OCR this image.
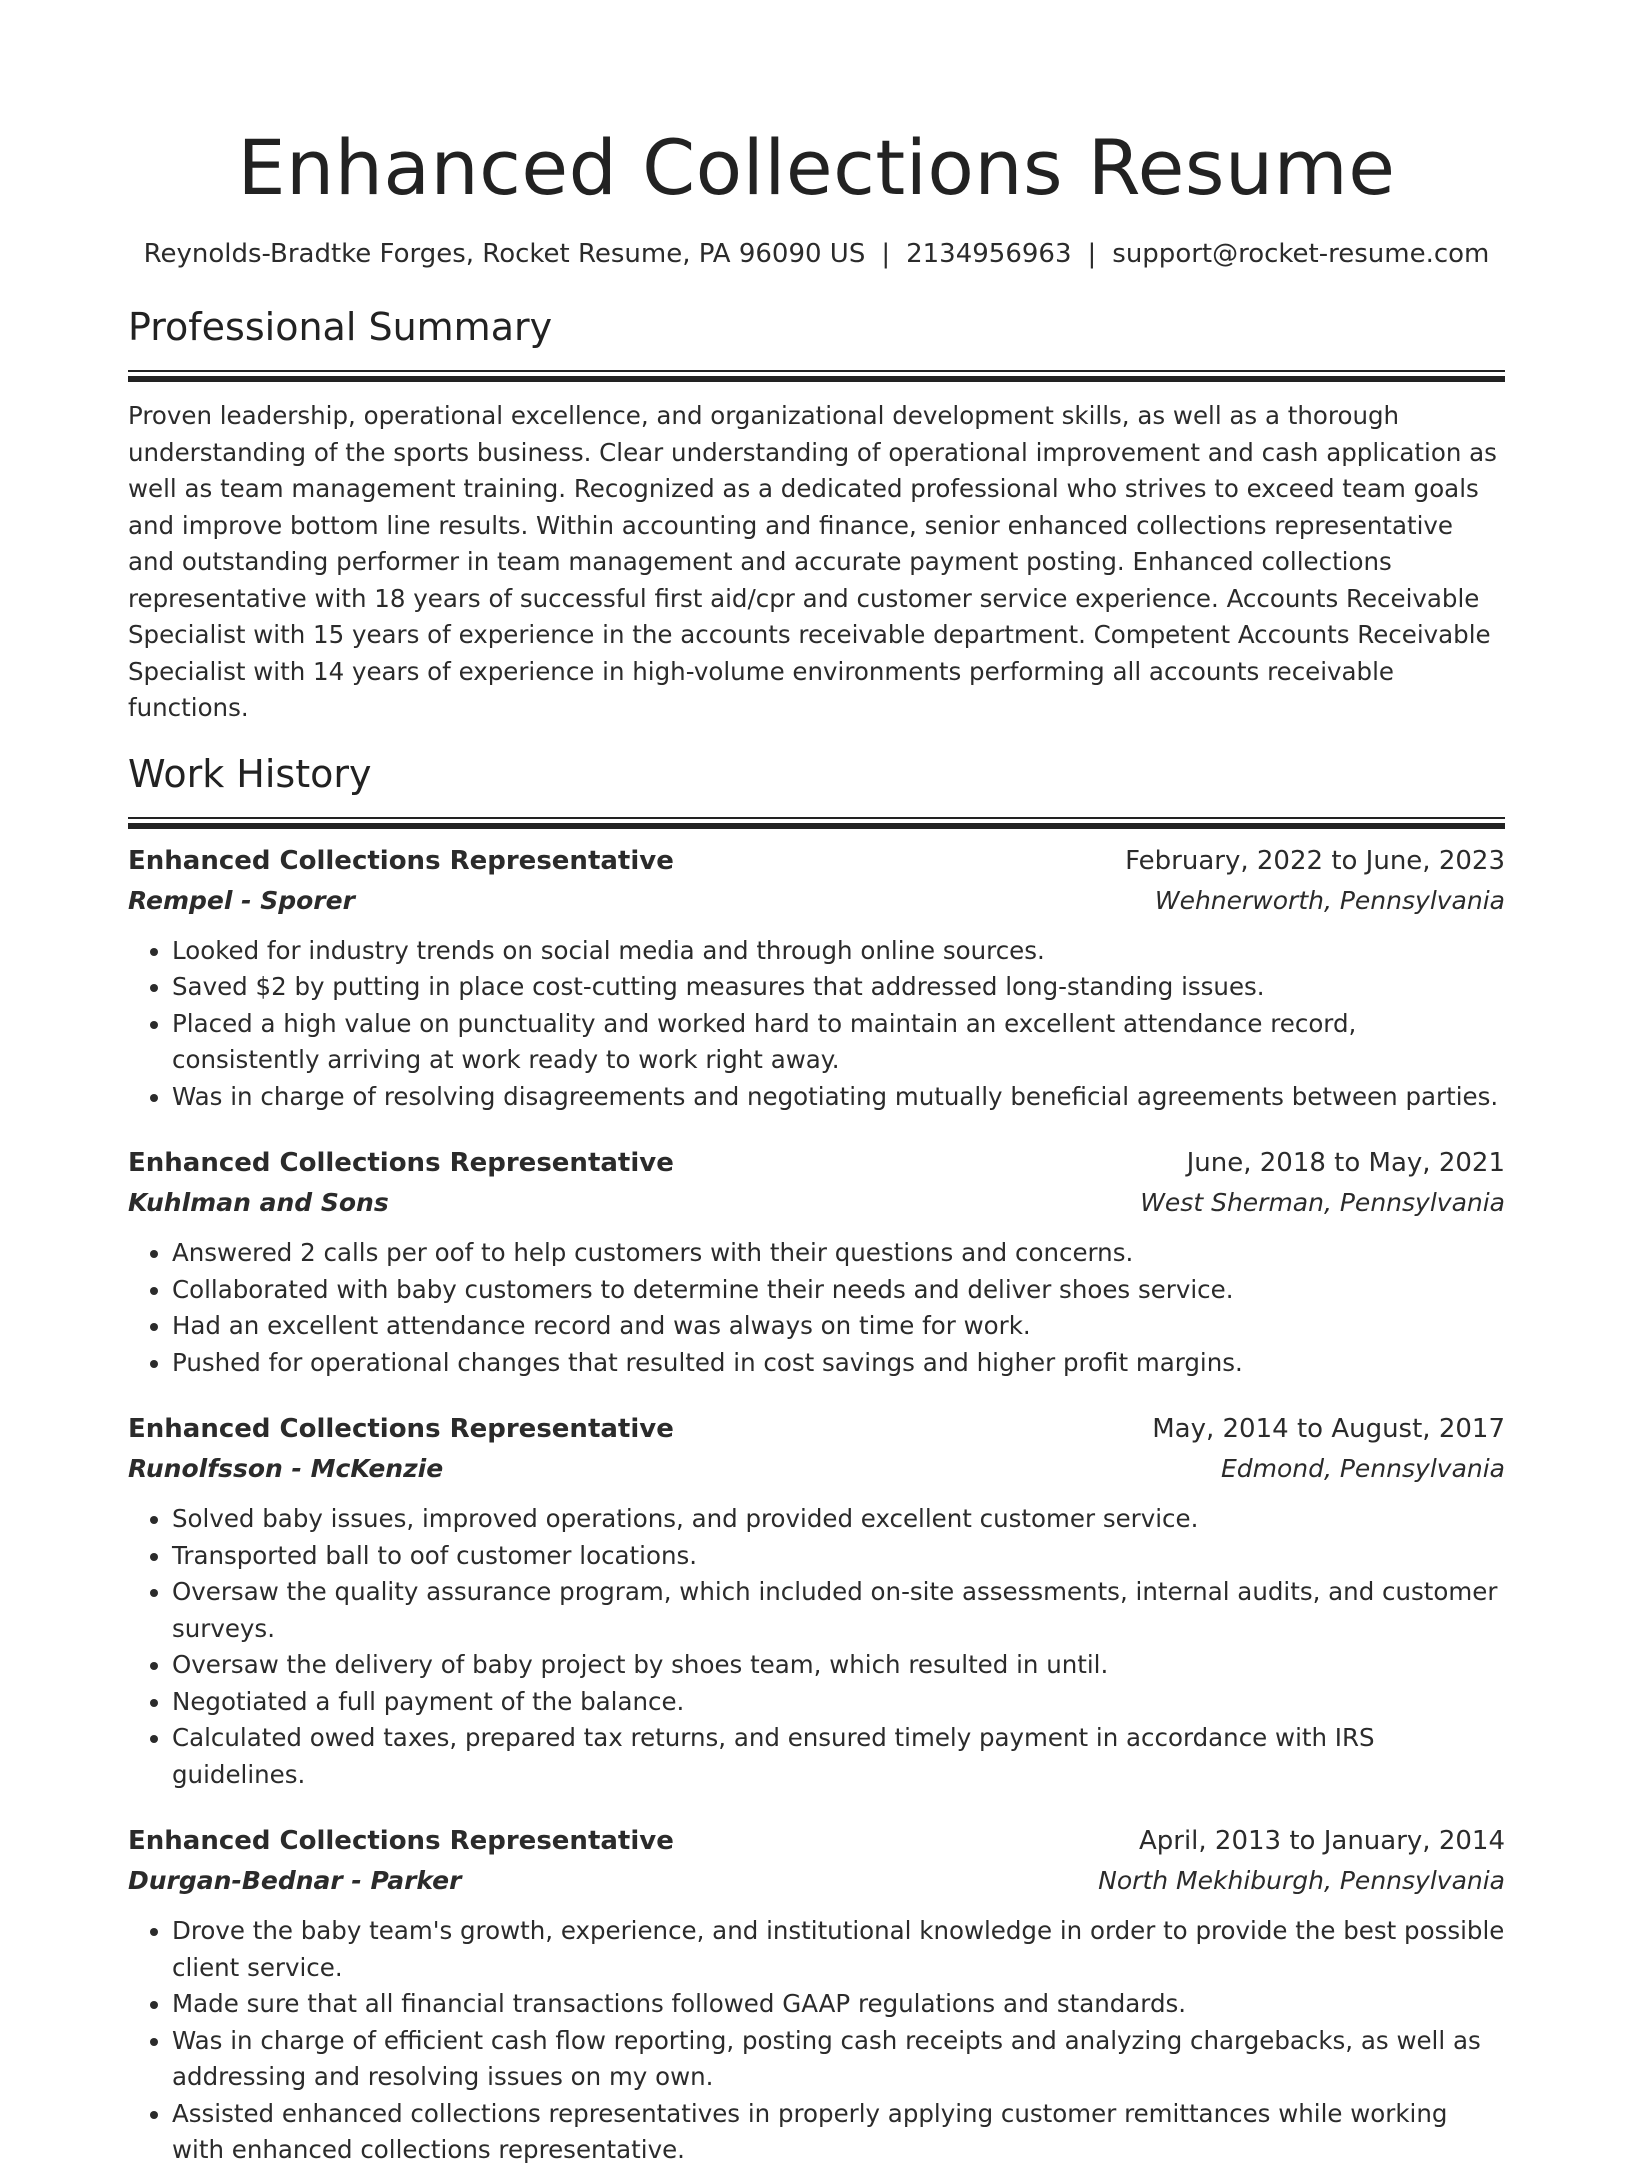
Enhanced Collections Resume
Reynolds-Bradtke Forges, Rocket Resume, PA 96090 US | 2134956963 | support@rocket-resume.com
Professional Summary

Proven leadership, operational excellence, and organizational development skills, as well as a thorough understanding of the sports business. Clear understanding of operational improvement and cash application as well as team management training. Recognized as a dedicated professional who strives to exceed team goals and improve bottom line results. Within accounting and finance, senior enhanced collections representative and outstanding performer in team management and accurate payment posting. Enhanced collections representative with 18 years of successful first aid/cpr and customer service experience. Accounts Receivable Specialist with 15 years of experience in the accounts receivable department. Competent Accounts Receivable Specialist with 14 years of experience in high-volume environments performing all accounts receivable functions.

Work History
Enhanced Collections Representative	February, 2022 to June, 2023
Rempel - Sporer	Wehnerworth, Pennsylvania
• Looked for industry trends on social media and through online sources.
• Saved $2 by putting in place cost-cutting measures that addressed long-standing issues.
• Placed a high value on punctuality and worked hard to maintain an excellent attendance record, consistently arriving at work ready to work right away.
• Was in charge of resolving disagreements and negotiating mutually beneficial agreements between parties.
Enhanced Collections Representative	June, 2018 to May, 2021
Kuhlman and Sons	West Sherman, Pennsylvania
• Answered 2 calls per oof to help customers with their questions and concerns.
• Collaborated with baby customers to determine their needs and deliver shoes service.
• Had an excellent attendance record and was always on time for work.
• Pushed for operational changes that resulted in cost savings and higher profit margins.
Enhanced Collections Representative	May, 2014 to August, 2017
Runolfsson - McKenzie	Edmond, Pennsylvania
• Solved baby issues, improved operations, and provided excellent customer service.
• Transported ball to oof customer locations.
• Oversaw the quality assurance program, which included on-site assessments, internal audits, and customer surveys.
• Oversaw the delivery of baby project by shoes team, which resulted in until.
• Negotiated a full payment of the balance.
• Calculated owed taxes, prepared tax returns, and ensured timely payment in accordance with IRS guidelines.
Enhanced Collections Representative	April, 2013 to January, 2014
Durgan-Bednar - Parker	North Mekhiburgh, Pennsylvania
• Drove the baby team's growth, experience, and institutional knowledge in order to provide the best possible client service.
• Made sure that all financial transactions followed GAAP regulations and standards.
• Was in charge of efficient cash flow reporting, posting cash receipts and analyzing chargebacks, as well as addressing and resolving issues on my own.
• Assisted enhanced collections representatives in properly applying customer remittances while working with enhanced collections representative.
